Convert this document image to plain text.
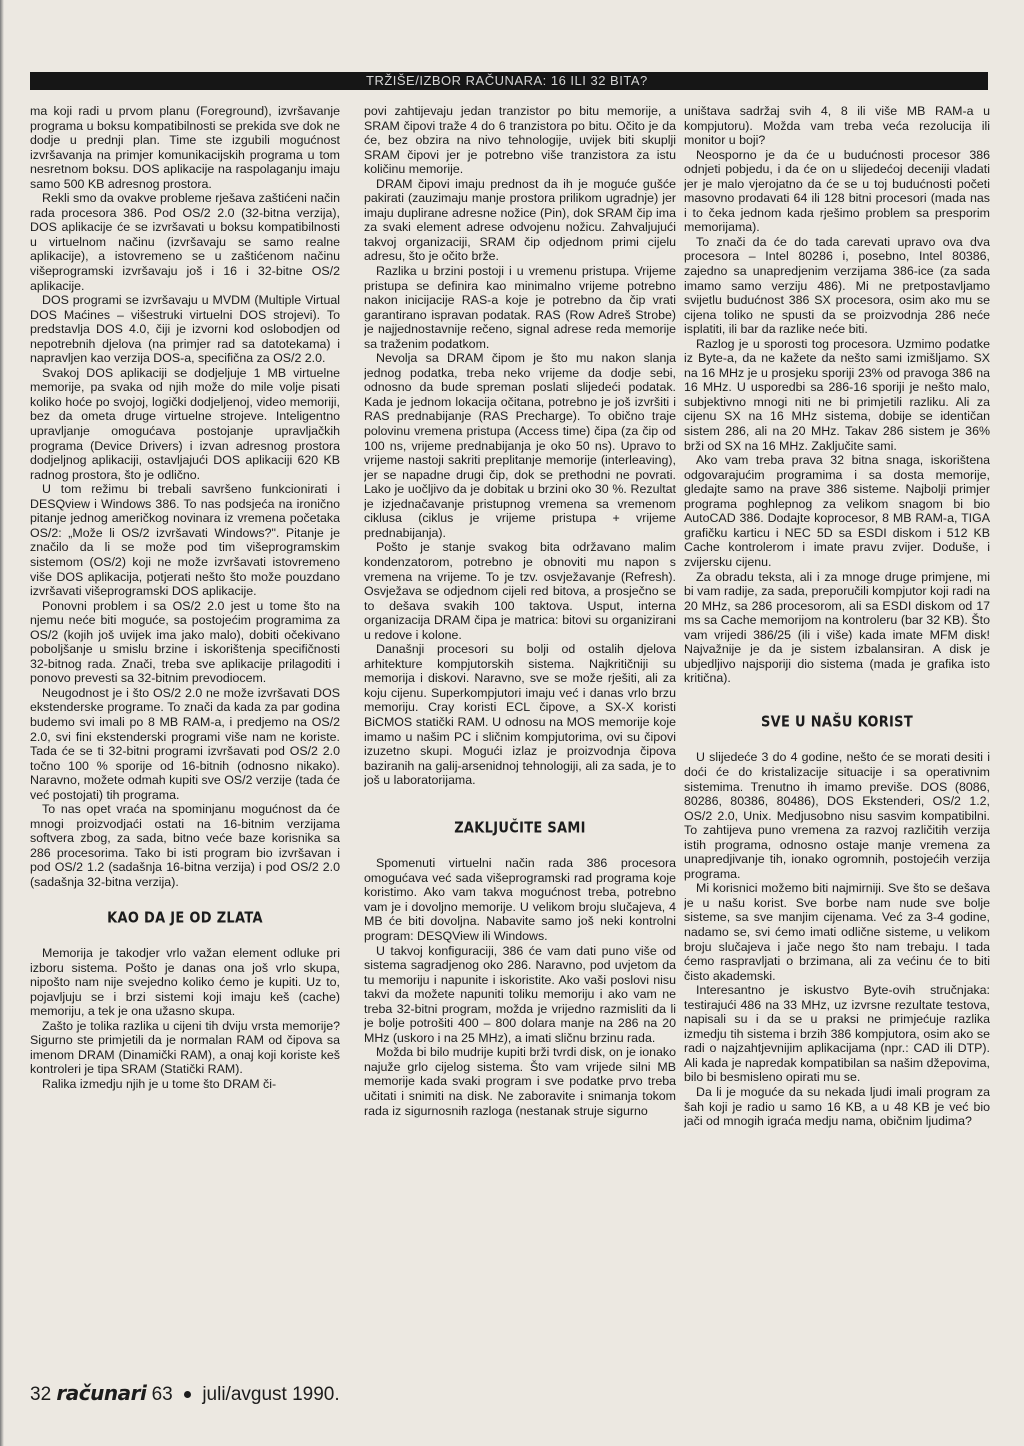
TRŽIŠE/IZBOR RAČUNARA: 16 ILI 32 BITA?

ma koji radi u prvom planu (Foreground), izvršavanje programa u boksu kompatibilnosti se prekida sve dok ne dodje u prednji plan. Time ste izgubili mogućnost izvršavanja na primjer komunikacijskih programa u tom nesretnom boksu. DOS aplikacije na raspolaganju imaju samo 500 KB adresnog prostora.

Rekli smo da ovakve probleme rješava zaštićeni način rada procesora 386. Pod OS/2 2.0 (32-bitna verzija), DOS aplikacije će se izvršavati u boksu kompatibilnosti u virtuelnom načinu (izvršavaju se samo realne aplikacije), a istovremeno se u zaštićenom načinu višeprogramski izvršavaju još i 16 i 32-bitne OS/2 aplikacije.

DOS programi se izvršavaju u MVDM (Multiple Virtual DOS Maćines – višestruki virtuelni DOS strojevi). To predstavlja DOS 4.0, čiji je izvorni kod oslobodjen od nepotrebnih djelova (na primjer rad sa datotekama) i napravljen kao verzija DOS-a, specifična za OS/2 2.0.

Svakoj DOS aplikaciji se dodjeljuje 1 MB virtuelne memorije, pa svaka od njih može do mile volje pisati koliko hoće po svojoj, logički dodjeljenoj, video memoriji, bez da ometa druge virtuelne strojeve. Inteligentno upravljanje omogućava postojanje upravljačkih programa (Device Drivers) i izvan adresnog prostora dodjeljnog aplikaciji, ostavljajući DOS aplikaciji 620 KB radnog prostora, što je odlično.

U tom režimu bi trebali savršeno funkcionirati i DESQview i Windows 386. To nas podsjeća na ironično pitanje jednog američkog novinara iz vremena početaka OS/2: „Može li OS/2 izvršavati Windows?". Pitanje je značilo da li se može pod tim višeprogramskim sistemom (OS/2) koji ne može izvršavati istovremeno više DOS aplikacija, potjerati nešto što može pouzdano izvršavati višeprogramski DOS aplikacije.

Ponovni problem i sa OS/2 2.0 jest u tome što na njemu neće biti moguće, sa postojećim programima za OS/2 (kojih još uvijek ima jako malo), dobiti očekivano poboljšanje u smislu brzine i iskorištenja specifičnosti 32-bitnog rada. Znači, treba sve aplikacije prilagoditi i ponovo prevesti sa 32-bitnim prevodiocem.

Neugodnost je i što OS/2 2.0 ne može izvršavati DOS ekstenderske programe. To znači da kada za par godina budemo svi imali po 8 MB RAM-a, i predjemo na OS/2 2.0, svi fini ekstenderski programi više nam ne koriste. Tada će se ti 32-bitni programi izvršavati pod OS/2 2.0 točno 100 % sporije od 16-bitnih (odnosno nikako). Naravno, možete odmah kupiti sve OS/2 verzije (tada će već postojati) tih programa.

To nas opet vraća na spominjanu mogućnost da će mnogi proizvodjaći ostati na 16-bitnim verzijama softvera zbog, za sada, bitno veće baze korisnika sa 286 procesorima. Tako bi isti program bio izvršavan i pod OS/2 1.2 (sadašnja 16-bitna verzija) i pod OS/2 2.0 (sadašnja 32-bitna verzija).

KAO DA JE OD ZLATA

Memorija je takodjer vrlo važan element odluke pri izboru sistema. Pošto je danas ona još vrlo skupa, nipošto nam nije svejedno koliko ćemo je kupiti. Uz to, pojavljuju se i brzi sistemi koji imaju keš (cache) memoriju, a tek je ona užasno skupa.

Zašto je tolika razlika u cijeni tih dviju vrsta memorije? Sigurno ste primjetili da je normalan RAM od čipova sa imenom DRAM (Dinamički RAM), a onaj koji koriste keš kontroleri je tipa SRAM (Statički RAM).

Ralika izmedju njih je u tome što DRAM či-

povi zahtijevaju jedan tranzistor po bitu memorije, a SRAM čipovi traže 4 do 6 tranzistora po bitu. Očito je da će, bez obzira na nivo tehnologije, uvijek biti skuplji SRAM čipovi jer je potrebno više tranzistora za istu količinu memorije.

DRAM čipovi imaju prednost da ih je moguće gušće pakirati (zauzimaju manje prostora prilikom ugradnje) jer imaju duplirane adresne nožice (Pin), dok SRAM čip ima za svaki element adrese odvojenu nožicu. Zahvaljujući takvoj organizaciji, SRAM čip odjednom primi cijelu adresu, što je očito brže.

Razlika u brzini postoji i u vremenu pristupa. Vrijeme pristupa se definira kao minimalno vrijeme potrebno nakon inicijacije RAS-a koje je potrebno da čip vrati garantirano ispravan podatak. RAS (Row Adreš Strobe) je najjednostavnije rečeno, signal adrese reda memorije sa traženim podatkom.

Nevolja sa DRAM čipom je što mu nakon slanja jednog podatka, treba neko vrijeme da dodje sebi, odnosno da bude spreman poslati slijedeći podatak. Kada je jednom lokacija očitana, potrebno je još izvršiti i RAS prednabijanje (RAS Precharge). To obično traje polovinu vremena pristupa (Access time) čipa (za čip od 100 ns, vrijeme prednabijanja je oko 50 ns). Upravo to vrijeme nastoji sakriti preplitanje memorije (interleaving), jer se napadne drugi čip, dok se prethodni ne povrati. Lako je uočljivo da je dobitak u brzini oko 30 %. Rezultat je izjednačavanje pristupnog vremena sa vremenom ciklusa (ciklus je vrijeme pristupa + vrijeme prednabijanja).

Pošto je stanje svakog bita održavano malim kondenzatorom, potrebno je obnoviti mu napon s vremena na vrijeme. To je tzv. osvježavanje (Refresh). Osvježava se odjednom cijeli red bitova, a prosječno se to dešava svakih 100 taktova. Usput, interna organizacija DRAM čipa je matrica: bitovi su organizirani u redove i kolone.

Današnji procesori su bolji od ostalih djelova arhitekture kompjutorskih sistema. Najkritičniji su memorija i diskovi. Naravno, sve se može rješiti, ali za koju cijenu. Superkompjutori imaju već i danas vrlo brzu memoriju. Cray koristi ECL čipove, a SX-X koristi BiCMOS statički RAM. U odnosu na MOS memorije koje imamo u našim PC i sličnim kompjutorima, ovi su čipovi izuzetno skupi. Mogući izlaz je proizvodnja čipova baziranih na galij-arsenidnoj tehnologiji, ali za sada, je to još u laboratorijama.

ZAKLJUČITE SAMI

Spomenuti virtuelni način rada 386 procesora omogućava već sada višeprogramski rad programa koje koristimo. Ako vam takva mogućnost treba, potrebno vam je i dovoljno memorije. U velikom broju slučajeva, 4 MB će biti dovoljna. Nabavite samo još neki kontrolni program: DESQView ili Windows.

U takvoj konfiguraciji, 386 će vam dati puno više od sistema sagradjenog oko 286. Naravno, pod uvjetom da tu memoriju i napunite i iskoristite. Ako vaši poslovi nisu takvi da možete napuniti toliku memoriju i ako vam ne treba 32-bitni program, možda je vrijedno razmisliti da li je bolje potrošiti 400 – 800 dolara manje na 286 na 20 MHz (uskoro i na 25 MHz), a imati sličnu brzinu rada.

Možda bi bilo mudrije kupiti brži tvrdi disk, on je ionako najuže grlo cijelog sistema. Što vam vrijede silni MB memorije kada svaki program i sve podatke prvo treba učitati i snimiti na disk. Ne zaboravite i snimanja tokom rada iz sigurnosnih razloga (nestanak struje sigurno

uništava sadržaj svih 4, 8 ili više MB RAM-a u kompjutoru). Možda vam treba veća rezolucija ili monitor u boji?

Neosporno je da će u budućnosti procesor 386 odnjeti pobjedu, i da će on u slijedećoj deceniji vladati jer je malo vjerojatno da će se u toj budućnosti početi masovno prodavati 64 ili 128 bitni procesori (mada nas i to čeka jednom kada rješimo problem sa presporim memorijama).

To znači da će do tada carevati upravo ova dva procesora – Intel 80286 i, posebno, Intel 80386, zajedno sa unapredjenim verzijama 386-ice (za sada imamo samo verziju 486). Mi ne pretpostavljamo svijetlu budućnost 386 SX procesora, osim ako mu se cijena toliko ne spusti da se proizvodnja 286 neće isplatiti, ili bar da razlike neće biti.

Razlog je u sporosti tog procesora. Uzmimo podatke iz Byte-a, da ne kažete da nešto sami izmišljamo. SX na 16 MHz je u prosjeku sporiji 23% od pravoga 386 na 16 MHz. U usporedbi sa 286-16 sporiji je nešto malo, subjektivno mnogi niti ne bi primjetili razliku. Ali za cijenu SX na 16 MHz sistema, dobije se identičan sistem 286, ali na 20 MHz. Takav 286 sistem je 36% brži od SX na 16 MHz. Zaključite sami.

Ako vam treba prava 32 bitna snaga, iskorištena odgovarajućim programima i sa dosta memorije, gledajte samo na prave 386 sisteme. Najbolji primjer programa poghlepnog za velikom snagom bi bio AutoCAD 386. Dodajte koprocesor, 8 MB RAM-a, TIGA grafičku karticu i NEC 5D sa ESDI diskom i 512 KB Cache kontrolerom i imate pravu zvijer. Doduše, i zvijersku cijenu.

Za obradu teksta, ali i za mnoge druge primjene, mi bi vam radije, za sada, preporučili kompjutor koji radi na 20 MHz, sa 286 procesorom, ali sa ESDI diskom od 17 ms sa Cache memorijom na kontroleru (bar 32 KB). Što vam vrijedi 386/25 (ili i više) kada imate MFM disk! Najvažnije je da je sistem izbalansiran. A disk je ubjedljivo najsporiji dio sistema (mada je grafika isto kritična).

SVE U NAŠU KORIST

U slijedeće 3 do 4 godine, nešto će se morati desiti i doći će do kristalizacije situacije i sa operativnim sistemima. Trenutno ih imamo previše. DOS (8086, 80286, 80386, 80486), DOS Ekstenderi, OS/2 1.2, OS/2 2.0, Unix. Medjusobno nisu sasvim kompatibilni. To zahtijeva puno vremena za razvoj različitih verzija istih programa, odnosno ostaje manje vremena za unapredjivanje tih, ionako ogromnih, postojećih verzija programa.

Mi korisnici možemo biti najmirniji. Sve što se dešava je u našu korist. Sve borbe nam nude sve bolje sisteme, sa sve manjim cijenama. Već za 3-4 godine, nadamo se, svi ćemo imati odlične sisteme, u velikom broju slučajeva i jače nego što nam trebaju. I tada ćemo raspravljati o brzimana, ali za većinu će to biti čisto akademski.

Interesantno je iskustvo Byte-ovih stručnjaka: testirajući 486 na 33 MHz, uz izvrsne rezultate testova, napisali su i da se u praksi ne primjećuje razlika izmedju tih sistema i brzih 386 kompjutora, osim ako se radi o najzahtjevnijim aplikacijama (npr.: CAD ili DTP). Ali kada je napredak kompatibilan sa našim džepovima, bilo bi besmisleno opirati mu se.

Da li je moguće da su nekada ljudi imali program za šah koji je radio u samo 16 KB, a u 48 KB je već bio jači od mnogih igraća medju nama, običnim ljudima?

32 računari 63 juli/avgust 1990.
